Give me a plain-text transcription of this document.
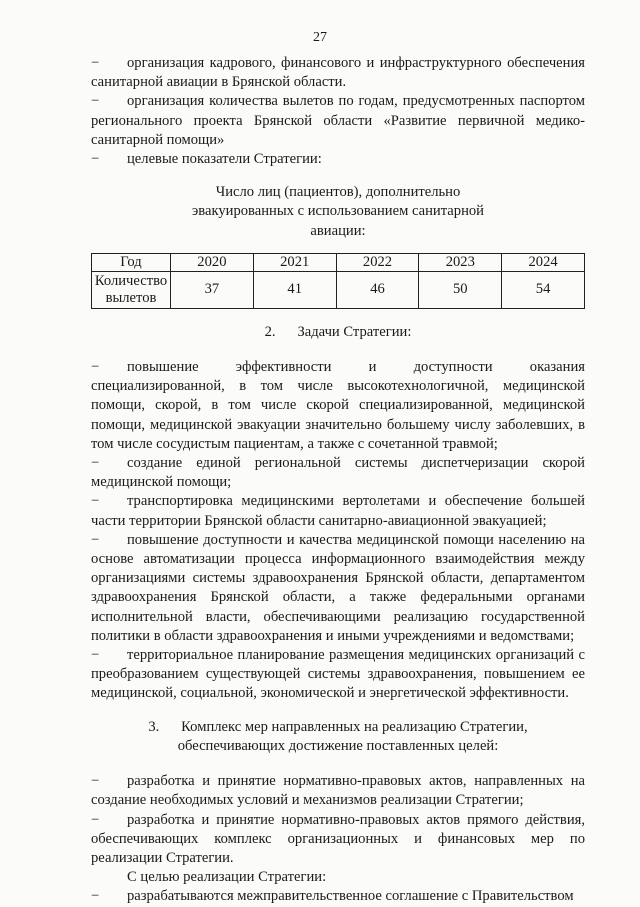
27

− организация кадрового, финансового и инфраструктурного обеспечения санитарной авиации в Брянской области.

− организация количества вылетов по годам, предусмотренных паспортом регионального проекта Брянской области «Развитие первичной медико-санитарной помощи»

− целевые показатели Стратегии:

Число лиц (пациентов), дополнительно эвакуированных с использованием санитарной авиации:

Год	2020	2021	2022	2023	2024
Количество вылетов	37	41	46	50	54

2.      Задачи Стратегии:

− повышение эффективности и доступности оказания специализированной, в том числе высокотехнологичной, медицинской помощи, скорой, в том числе скорой специализированной, медицинской помощи, медицинской эвакуации значительно большему числу заболевших, в том числе сосудистым пациентам, а также с сочетанной травмой;

− создание единой региональной системы диспетчеризации скорой медицинской помощи;

− транспортировка медицинскими вертолетами и обеспечение большей части территории Брянской области санитарно-авиационной эвакуацией;

− повышение доступности и качества медицинской помощи населению на основе автоматизации процесса информационного взаимодействия между организациями системы здравоохранения Брянской области, департаментом здравоохранения Брянской области, а также федеральными органами исполнительной власти, обеспечивающими реализацию государственной политики в области здравоохранения и иными учреждениями и ведомствами;

− территориальное планирование размещения медицинских организаций с преобразованием существующей системы здравоохранения, повышением ее медицинской, социальной, экономической и энергетической эффективности.

3.      Комплекс мер направленных на реализацию Стратегии,
обеспечивающих достижение поставленных целей:

− разработка и принятие нормативно-правовых актов, направленных на создание необходимых условий и механизмов реализации Стратегии;

− разработка и принятие нормативно-правовых актов прямого действия, обеспечивающих комплекс организационных и финансовых мер по реализации Стратегии.

С целью реализации Стратегии:

− разрабатываются межправительственное соглашение с Правительством
